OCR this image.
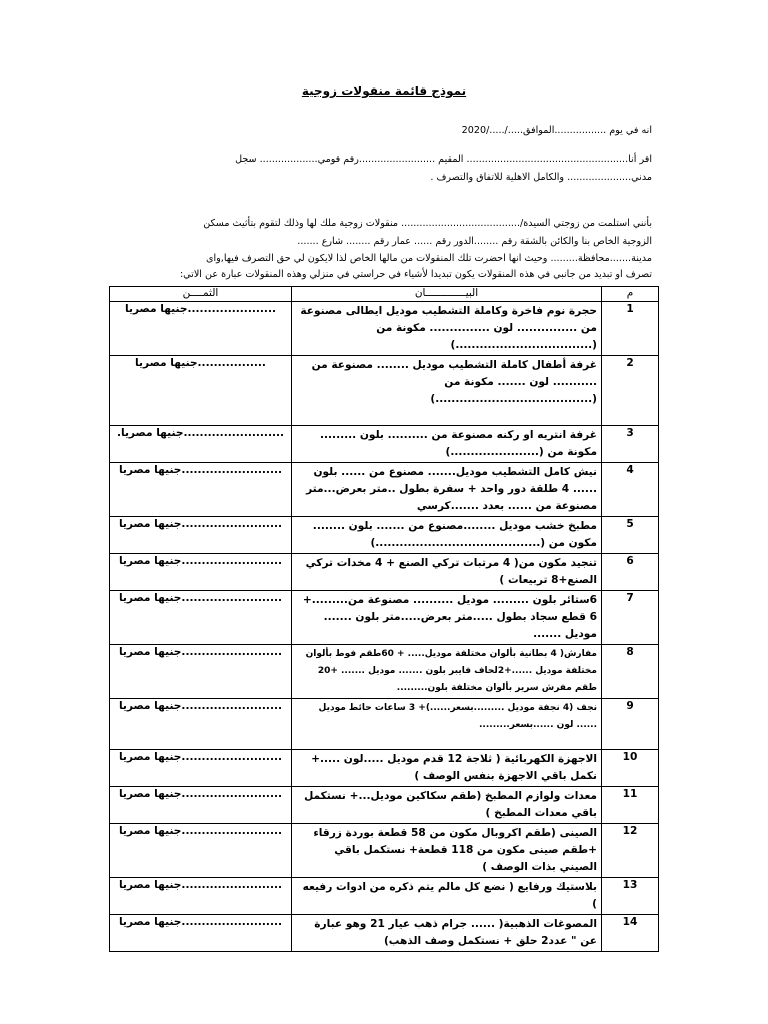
نموذج قائمة منقولات زوجية
انه في يوم .................الموافق...../...../2020
اقر أنا..................................................... المقيم .........................رقم قومي................... سجل
مدني..................... والكامل الاهلية للاتفاق والتصرف .
بأنني استلمت من زوجتي السيدة/....................................... منقولات زوجية ملك لها وذلك لتقوم بتأثيث مسكن
الزوجية الخاص بنا والكائن بالشقة رقم ........الدور رقم ...... عمار رقم ........ شارع .......
مدينة.......محافظة......... وحيث انها احضرت تلك المنقولات من مالها الخاص لذا لايكون لي حق التصرف فيها,واى
تصرف او تبديد من جانبي في هذه المنقولات يكون تبديدا لأشياء في حراستي في منزلي وهذه المنقولات عبارة عن الاتي:
م	البيـــــــــــــان	الثمــــن
1	حجرة نوم فاخرة وكاملة التشطيب موديل ايطالى مصنوعة من ............... لون ............... مكونة من (..................................)	......................جنيها مصريا
2	غرفة أطفال كاملة التشطيب موديل ........ مصنوعة من ........... لون ....... مكونة من (.......................................)	.................جنيها مصريا
3	غرفة انتريه او ركنه مصنوعة من .......... بلون ......... مكونة من (......................)	.........................جنيها مصريا.
4	نيش كامل التشطيب موديل....... مصنوع من ...... بلون ...... 4 طلقة دور واحد + سفرة بطول ..متر بعرض...متر مصنوعة من ...... بعدد .......كرسي	.........................جنيها مصريا
5	مطبخ خشب موديل ........مصنوع من ....... بلون ........ مكون من (.........................................)	.........................جنيها مصريا
6	تنجيد مكون من( 4 مرتبات تركي الصنع + 4 مخدات تركي الصنع+8 تربيعات )	.........................جنيها مصريا
7	6ستائر بلون ......... موديل .......... مصنوعة من.........+ 6 قطع سجاد بطول .....متر بعرض.....متر بلون ....... موديل .......	.........................جنيها مصريا
8	مفارش( 4 بطانية بألوان مختلفة موديل..... + 60طقم فوط بألوان مختلفة موديل ......+2لحاف فايبر بلون ....... موديل ....... +20 طقم مفرش سرير بألوان مختلفة بلون.........	.........................جنيها مصريا
9	نجف (4 نجفة موديل .........بسعر......)+ 3 ساعات حائط موديل ...... لون ......بسعر.........	.........................جنيها مصريا
10	الاجهزة الكهربائية ( ثلاجة 12 قدم موديل .....لون .....+ نكمل باقي الاجهزة بنفس الوصف )	.........................جنيها مصريا
11	معدات ولوازم المطبخ (طقم سكاكين موديل...+ نستكمل باقي معدات المطبخ )	.........................جنيها مصريا
12	الصينى (طقم اكروبال مكون من 58 قطعة بوردة زرقاء +طقم صينى مكون من 118 قطعة+ نستكمل باقي الصيني بذات الوصف )	.........................جنيها مصريا
13	بلاستيك ورفايع ( نضع كل مالم يتم ذكره من ادوات رفيعه )	.........................جنيها مصريا
14	المصوغات الذهبية( ...... جرام ذهب عيار 21 وهو عبارة عن " عدد2 حلق + نستكمل وصف الذهب)	.........................جنيها مصريا
